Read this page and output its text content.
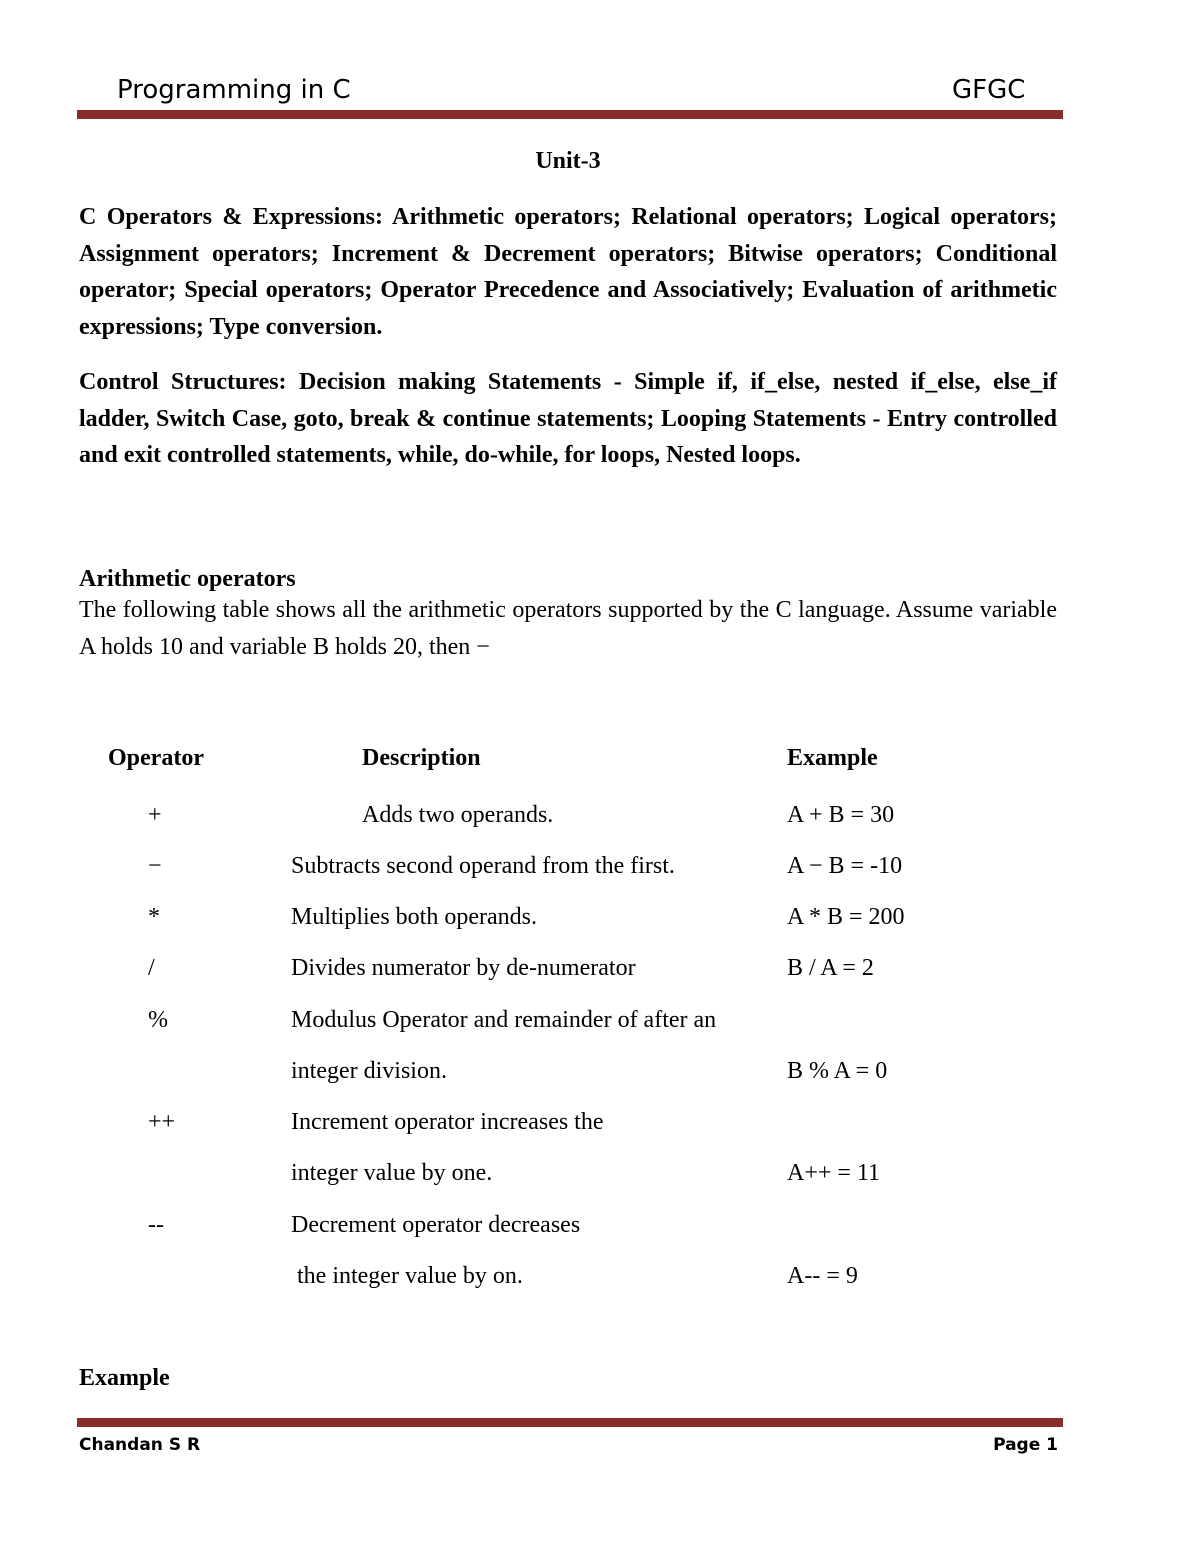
Programming in C	GFGC
Unit-3
C Operators & Expressions: Arithmetic operators; Relational operators; Logical operators; Assignment operators; Increment & Decrement operators; Bitwise operators; Conditional operator; Special operators; Operator Precedence and Associatively; Evaluation of arithmetic expressions; Type conversion.
Control Structures: Decision making Statements - Simple if, if_else, nested if_else, else_if ladder, Switch Case, goto, break & continue statements; Looping Statements - Entry controlled and exit controlled statements, while, do-while, for loops, Nested loops.
Arithmetic operators
The following table shows all the arithmetic operators supported by the C language. Assume variable A holds 10 and variable B holds 20, then −
Operator	Description	Example
+	Adds two operands.	A + B = 30
−	Subtracts second operand from the first.	A − B = -10
*	Multiplies both operands.	A * B = 200
/	Divides numerator by de-numerator	B / A = 2
%	Modulus Operator and remainder of after an
integer division.	B % A = 0
++	Increment operator increases the
integer value by one.	A++ = 11
--	Decrement operator decreases
the integer value by on.	A-- = 9
Example
Chandan S R	Page 1
